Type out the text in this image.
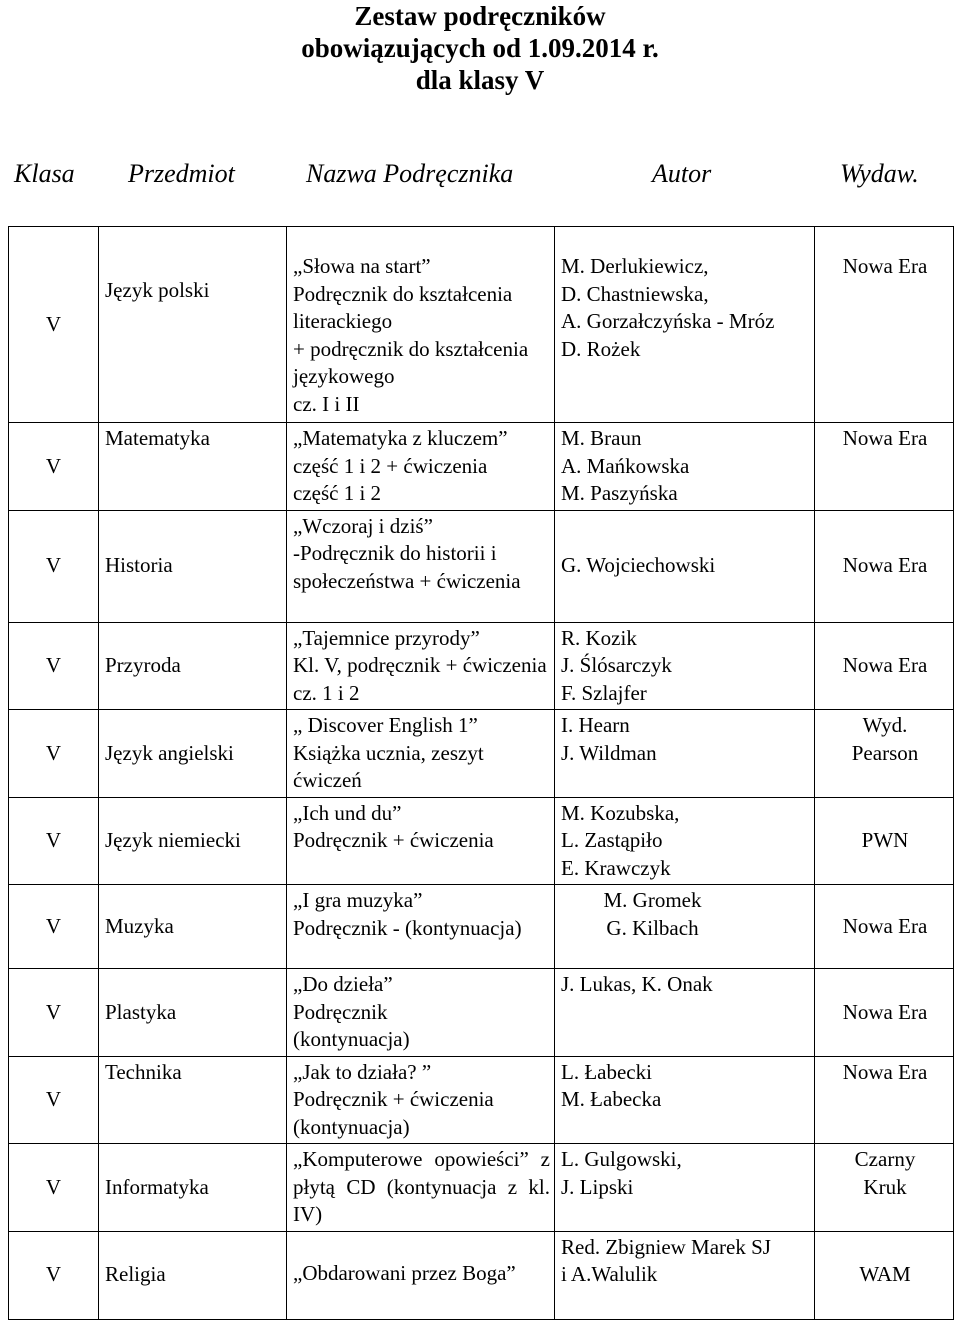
Zestaw podręczników
obowiązujących od 1.09.2014 r.
dla klasy V
Klasa Przedmiot	Nazwa Podręcznika	Autor	Wydaw.
V	Język polski	„Słowa na start”
Podręcznik do kształcenia literackiego
+ podręcznik do kształcenia językowego
cz. I i II	M. Derlukiewicz,
D. Chastniewska,
A. Gorzałczyńska - Mróz
D. Rożek	Nowa Era

V	Matematyka	„Matematyka z kluczem”
część 1 i 2 + ćwiczenia
część 1 i 2	M. Braun
A. Mańkowska
M. Paszyńska	Nowa Era

V	Historia	„Wczoraj i dziś”
-Podręcznik do historii i społeczeństwa + ćwiczenia	G. Wojciechowski	Nowa Era

V	Przyroda	„Tajemnice przyrody”
Kl. V, podręcznik + ćwiczenia cz. 1 i 2	R. Kozik
J. Ślósarczyk
F. Szlajfer	Nowa Era

V	Język angielski	„ Discover English 1”
Książka ucznia, zeszyt ćwiczeń	I. Hearn
J. Wildman	Wyd.
Pearson

V	Język niemiecki	„Ich und du”
Podręcznik + ćwiczenia	M. Kozubska,
L. Zastąpiło
E. Krawczyk	PWN

V	Muzyka	„I gra muzyka”
Podręcznik - (kontynuacja)	M. Gromek
G. Kilbach	Nowa Era

V	Plastyka	„Do dzieła”
Podręcznik
(kontynuacja)	J. Lukas, K. Onak	Nowa Era

V	Technika	„Jak to działa? ”
Podręcznik + ćwiczenia (kontynuacja)	L. Łabecki
M. Łabecka	Nowa Era

V	Informatyka	„Komputerowe opowieści” z płytą CD (kontynuacja z kl. IV)	L. Gulgowski,
J. Lipski	Czarny
Kruk

V	Religia	„Obdarowani przez Boga”	Red. Zbigniew Marek SJ
i A.Walulik	WAM
